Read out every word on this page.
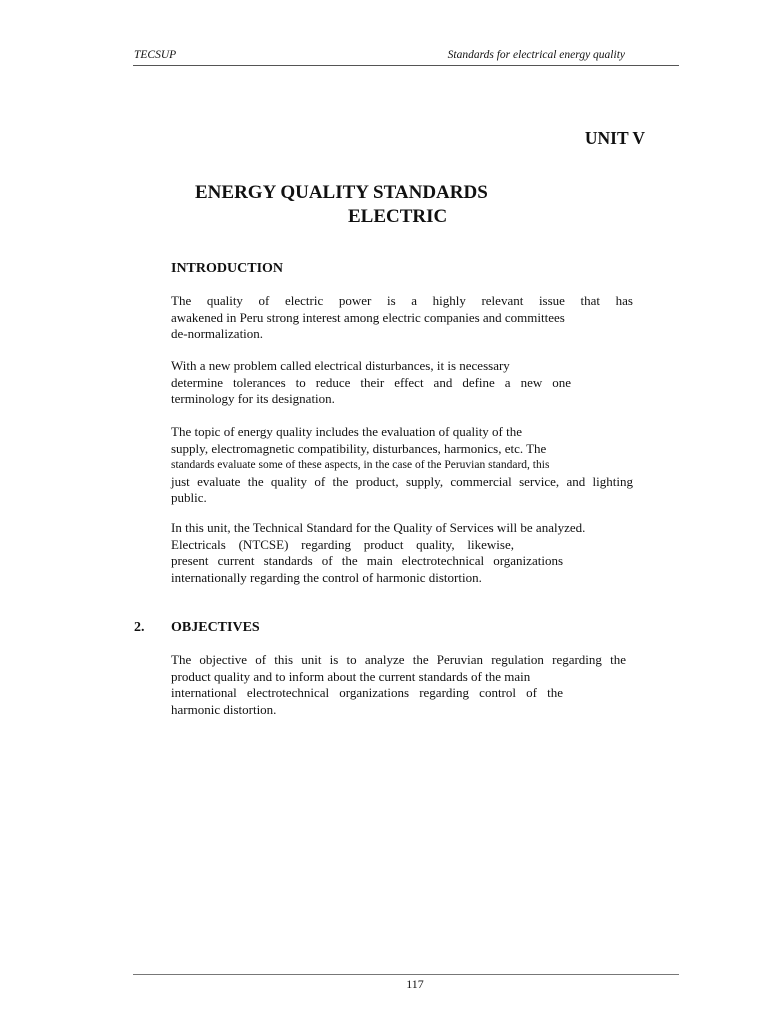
TECSUP	Standards for electrical energy quality
UNIT V
ENERGY QUALITY STANDARDS
ELECTRIC
INTRODUCTION
The quality of electric power is a highly relevant issue that has
awakened in Peru strong interest among electric companies and committees
de-normalization.
With a new problem called electrical disturbances, it is necessary
determine tolerances to reduce their effect and define a new one
terminology for its designation.
The topic of energy quality includes the evaluation of quality of the
supply, electromagnetic compatibility, disturbances, harmonics, etc. The
standards evaluate some of these aspects, in the case of the Peruvian standard, this
just evaluate the quality of the product, supply, commercial service, and lighting
public.
In this unit, the Technical Standard for the Quality of Services will be analyzed.
Electricals (NTCSE) regarding product quality, likewise,
present current standards of the main electrotechnical organizations
internationally regarding the control of harmonic distortion.
2. OBJECTIVES
The objective of this unit is to analyze the Peruvian regulation regarding the
product quality and to inform about the current standards of the main
international electrotechnical organizations regarding control of the
harmonic distortion.
117
